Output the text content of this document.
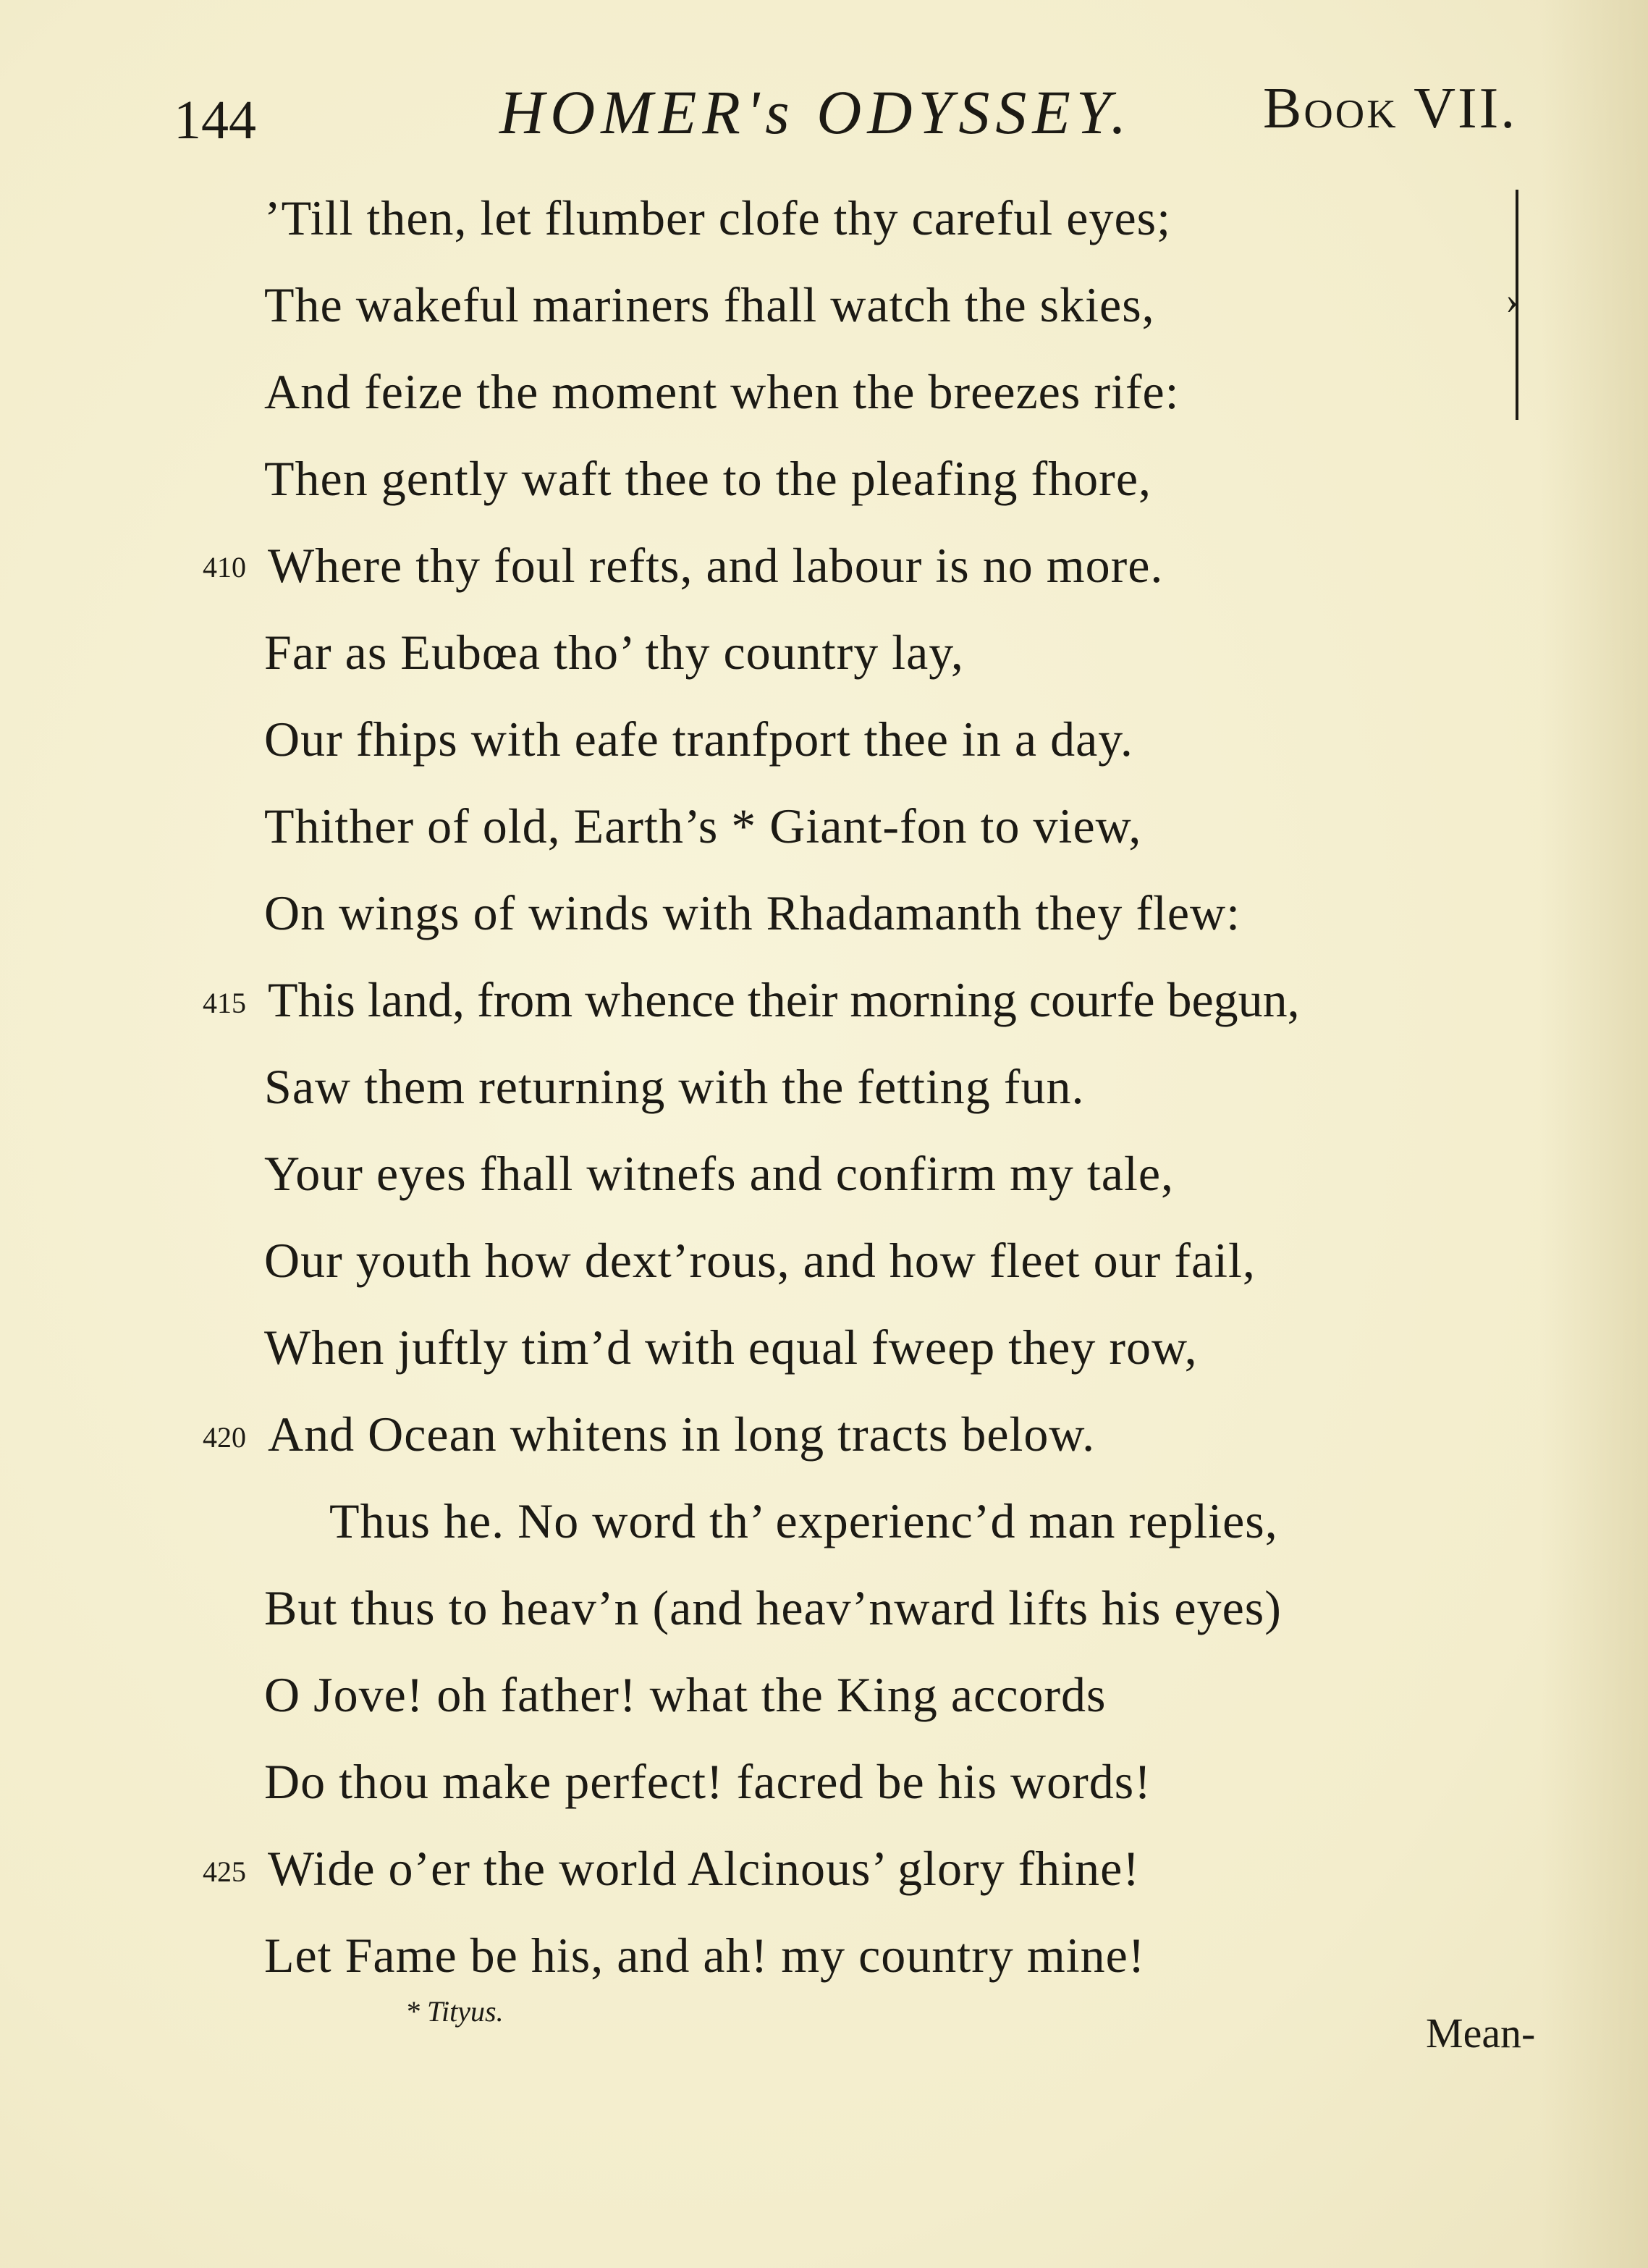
144	HOMER's ODYSSEY. Book VII.
’Till then, let flumber clofe thy careful eyes;
The wakeful mariners fhall watch the skies,
And feize the moment when the breezes rife:
Then gently waft thee to the pleafing fhore,
410 Where thy foul refts, and labour is no more.
Far as Eubœa tho’ thy country lay,
Our fhips with eafe tranfport thee in a day.
Thither of old, Earth’s * Giant-fon to view,
On wings of winds with Rhadamanth they flew:
415 This land, from whence their morning courfe begun,
Saw them returning with the fetting fun.
Your eyes fhall witnefs and confirm my tale,
Our youth how dext’rous, and how fleet our fail,
When juftly tim’d with equal fweep they row,
420 And Ocean whitens in long tracts below.
Thus he. No word th’ experienc’d man replies,
But thus to heav’n (and heav’nward lifts his eyes)
O Jove! oh father! what the King accords
Do thou make perfect! facred be his words!
425 Wide o’er the world Alcinous’ glory fhine!
Let Fame be his, and ah! my country mine!
›
* Tityus.	Mean-
